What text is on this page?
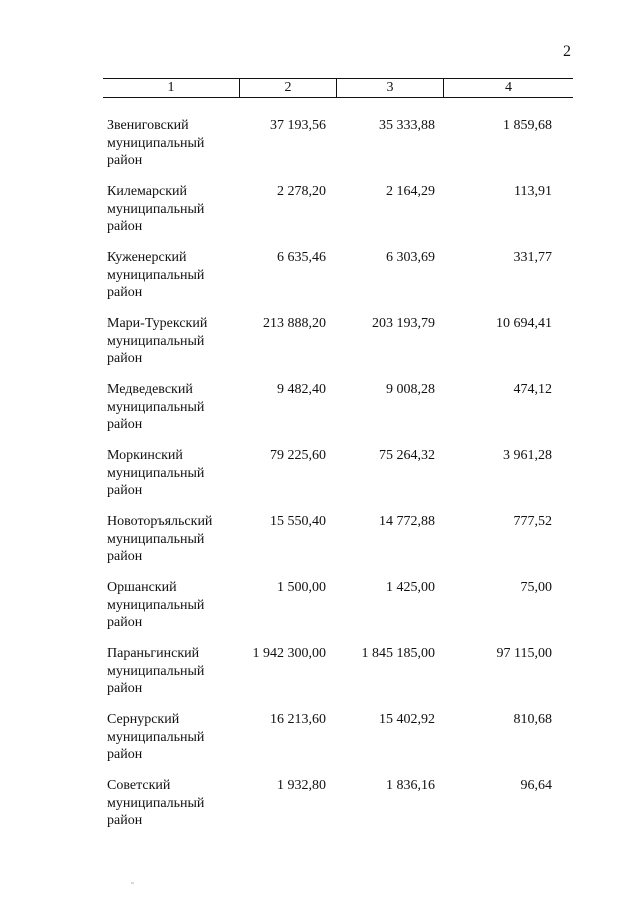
2
1	2	3	4
Звениговский
муниципальный
район
37 193,56	35 333,88	1 859,68
Килемарский
муниципальный
район
2 278,20	2 164,29	113,91
Куженерский
муниципальный
район
6 635,46	6 303,69	331,77
Мари-Турекский
муниципальный
район
213 888,20	203 193,79	10 694,41
Медведевский
муниципальный
район
9 482,40	9 008,28	474,12
Моркинский
муниципальный
район
79 225,60	75 264,32	3 961,28
Новоторъяльский
муниципальный
район
15 550,40	14 772,88	777,52
Оршанский
муниципальный
район
1 500,00	1 425,00	75,00
Параньгинский
муниципальный
район
1 942 300,00	1 845 185,00	97 115,00
Сернурский
муниципальный
район
16 213,60	15 402,92	810,68
Советский
муниципальный
район
1 932,80	1 836,16	96,64
